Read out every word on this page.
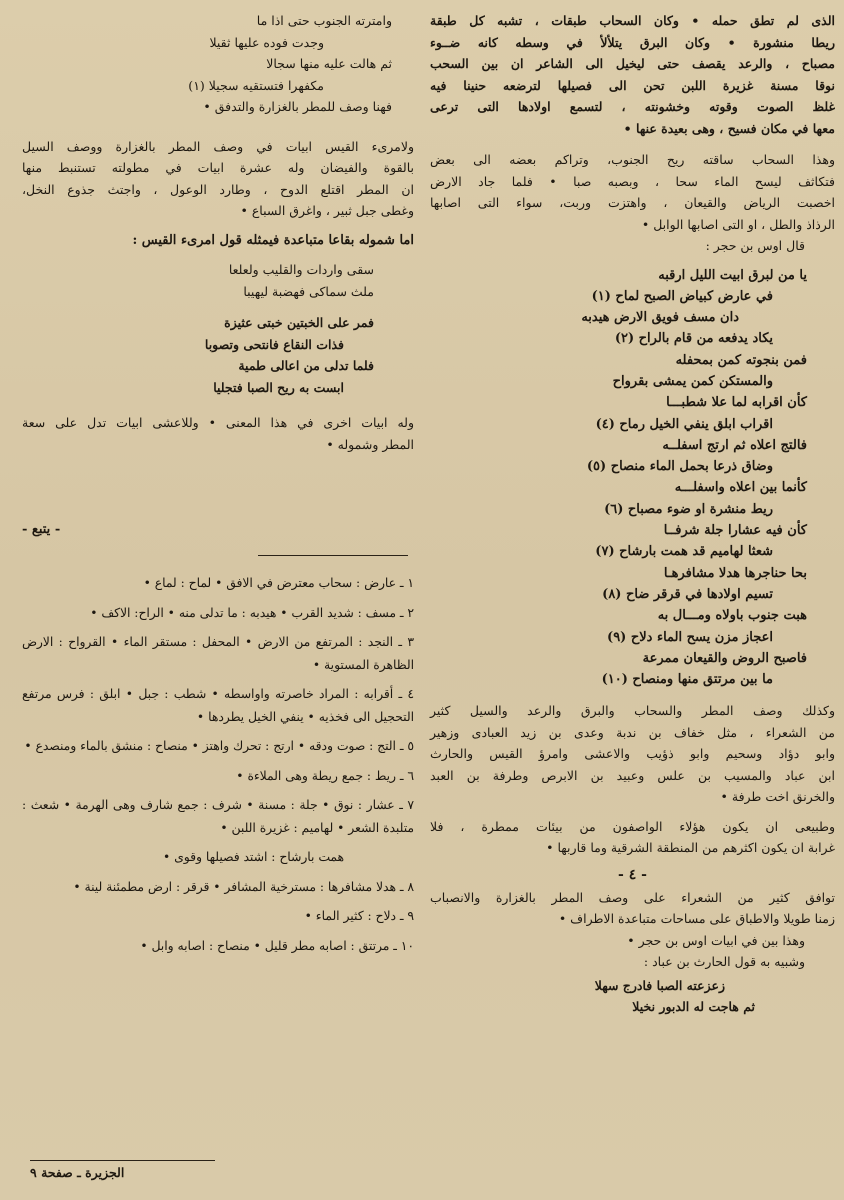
الذى لم تطق حمله • وكان السحاب طبقات ، تشبه كل طبقة
ريطا منشورة • وكان البرق يتلألأ في وسطه كانه ضــوء
مصباح ، والرعد يقصف حتى ليخيل الى الشاعر ان بين السحب
نوقا مسنة غزيرة اللبن تحن الى فصيلها لترضعه حنينا فيه
غلظ الصوت وقوته وخشونته ، لتسمع اولادها التى ترعى
معها في مكان فسيح ، وهى بعيدة عنها •
وهذا السحاب ساقته ريح الجنوب، وتراكم بعضه الى بعض
فتكاثف ليسح الماء سحا ، وبصبه صبا • فلما جاد الارض
اخصبت الرياض والقيعان ، واهتزت وربت، سواء التى اصابها
الرذاذ والطل ، او التى اصابها الوابل •
قال اوس بن حجر :
يا من لبرق ابيت الليل ارقبه
في عارض كبياض الصبح لماح (١)
دان مسف فويق الارض هيدبه
يكاد يدفعه من قام بالراح (٢)
فمن بنجوته كمن بمحفله
والمستكن كمن يمشى بقرواح
كأن اقرابه لما علا شطبـــا
اقراب ابلق ينفي الخيل رماح (٤)
فالتج اعلاه ثم ارتج اسفلــه
وضاق ذرعا بحمل الماء منصاح (٥)
كأنما بين اعلاه واسفلـــه
ريط منشرة او ضوء مصباح (٦)
كأن فيه عشارا جلة شرفــا
شعثا لهاميم قد همت بارشاح (٧)
بحا حناجرها هدلا مشافرهـا
تسيم اولادها في قرقر ضاح (٨)
هبت جنوب باولاه ومـــال به
اعجاز مزن يسح الماء دلاح (٩)
فاصبح الروض والقيعان ممرعة
ما بين مرتتق منها ومنصاح (١٠)
وكذلك وصف المطر والسحاب والبرق والرعد والسيل كثير
من الشعراء ، مثل خفاف بن ندبة وعدى بن زيد العبادى وزهير
وابو دؤاد وسحيم وابو ذؤيب والاعشى وامرؤ القيس والحارث
ابن عباد والمسيب بن علس وعبيد بن الابرص وطرفة بن العبد
والخرنق اخت طرفة •
وطبيعى ان يكون هؤلاء الواصفون من بيئات ممطرة ، فلا
غرابة ان يكون اكثرهم من المنطقة الشرقية وما قاربها •
- ٤ -
توافق كثير من الشعراء على وصف المطر بالغزارة والانصباب
زمنا طويلا والاطباق على مساحات متباعدة الاطراف •
وهذا بين في ابيات اوس بن حجر •
وشبيه به قول الحارث بن عباد :
زعزعته الصبا فادرج سهلا
ثم هاجت له الدبور نخيلا
وامترته الجنوب حتى اذا ما
وجدت فوده عليها ثقيلا
ثم هالت عليه منها سجالا
مكفهرا فتستقيه سجيلا (١)
فهنا وصف للمطر بالغزارة والتدفق •
ولامرىء القيس ابيات في وصف المطر بالغزارة ووصف السيل
بالقوة والفيضان وله عشرة ابيات في مطولته تستنبط منها
ان المطر اقتلع الدوح ، وطارد الوعول ، واجتث جذوع النخل،
وغطى جبل ثبير ، واغرق السباع •
اما شموله بقاعا متباعدة فيمثله قول امرىء القيس :
سقى واردات والقليب ولعلعا
ملث سماكى فهضبة ليهيبا
فمر على الخبتين خبتى عثيزة
فذات النقاع فانتحى وتصوبا
فلما تدلى من اعالى طمية
ابست به ريح الصبا فتجليا
وله ابيات اخرى في هذا المعنى • وللاعشى ابيات تدل على سعة
المطر وشموله •
- يتبع -
١ ـ عارض : سحاب معترض في الافق • لماح : لماع •
٢ ـ مسف : شديد القرب • هيدبه : ما تدلى منه • الراح: الاكف •
٣ ـ النجد : المرتفع من الارض • المحفل : مستقر الماء • القرواح : الارض الظاهرة المستوية •
٤ ـ أقرابه : المراد خاصرته واواسطه • شطب : جبل • ابلق : فرس مرتفع التحجيل الى فخذيه • ينفي الخيل يطردها •
٥ ـ التج : صوت ودقه • ارتج : تحرك واهتز • منصاح : منشق بالماء ومنصدع •
٦ ـ ريط : جمع ريطة وهى الملاءة •
٧ ـ عشار : نوق • جلة : مسنة • شرف : جمع شارف وهى الهرمة • شعث : متلبدة الشعر • لهاميم : غزيرة اللبن •
همت بارشاح : اشتد فصيلها وقوى •
٨ ـ هدلا مشافرها : مسترخية المشافر • قرقر : ارض مطمئنة لينة •
٩ ـ دلاح : كثير الماء •
١٠ ـ مرتتق : اصابه مطر قليل • منصاح : اصابه وابل •
الجزيرة ـ صفحة ٩
